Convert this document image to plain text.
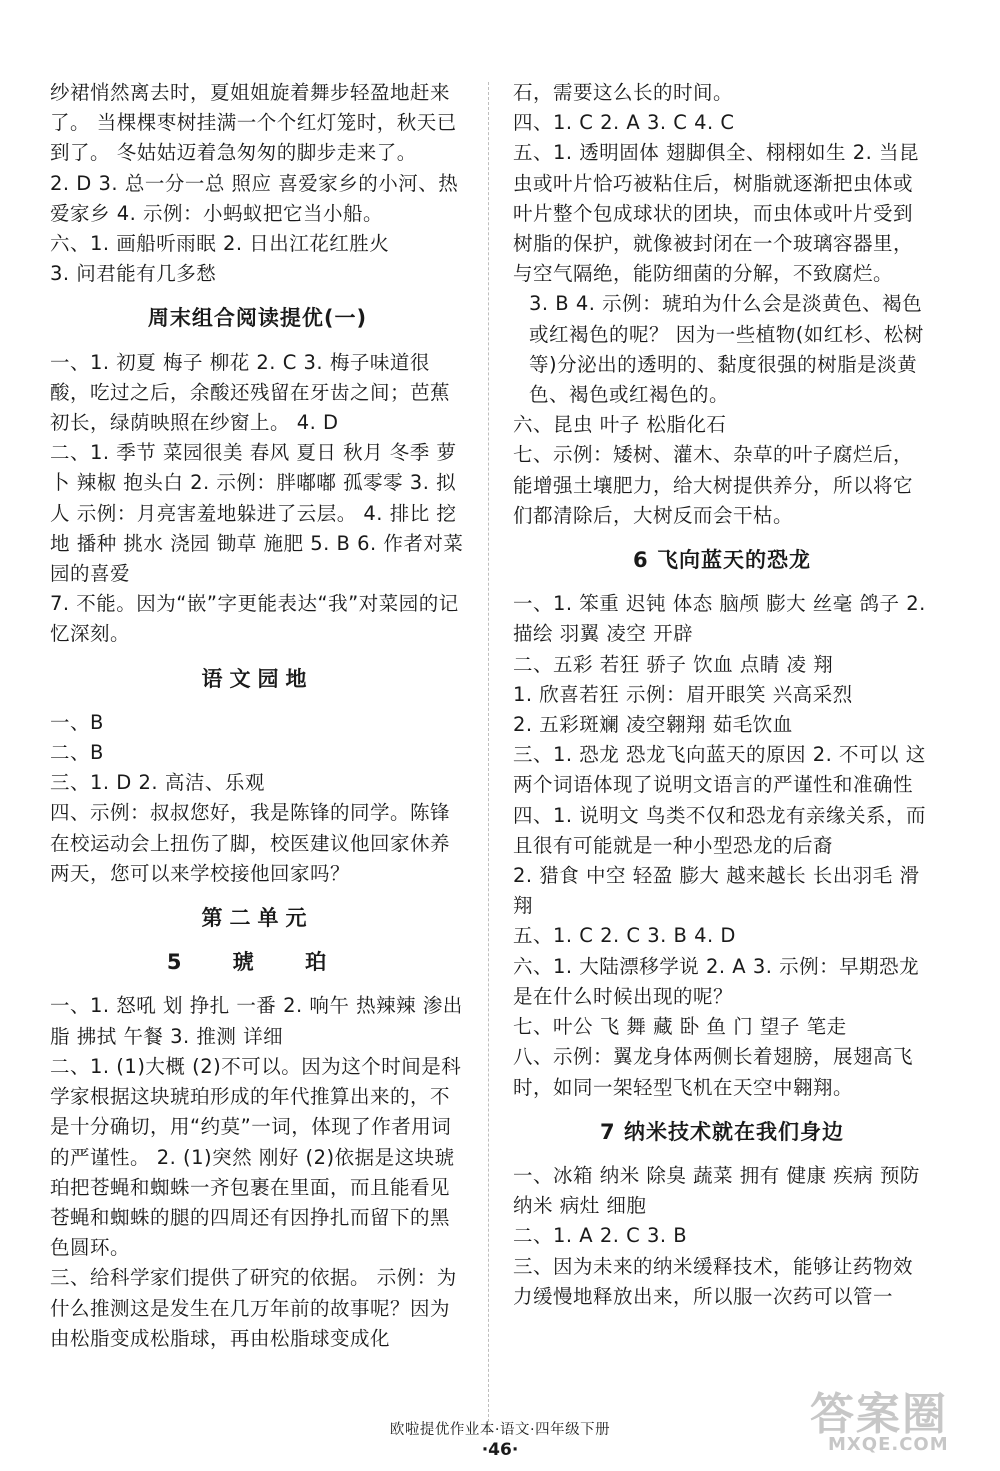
纱裙悄然离去时，夏姐姐旋着舞步轻盈地赶来了。 当棵棵枣树挂满一个个红灯笼时，秋天已到了。 冬姑姑迈着急匆匆的脚步走来了。
2. D 3. 总一分一总 照应 喜爱家乡的小河、热爱家乡 4. 示例：小蚂蚁把它当小船。
六、1. 画船听雨眠 2. 日出江花红胜火
3. 问君能有几多愁
周末组合阅读提优(一)
一、1. 初夏 梅子 柳花 2. C 3. 梅子味道很酸，吃过之后，余酸还残留在牙齿之间；芭蕉初长，绿荫映照在纱窗上。 4. D
二、1. 季节 菜园很美 春风 夏日 秋月 冬季 萝卜 辣椒 抱头白 2. 示例：胖嘟嘟 孤零零 3. 拟人 示例：月亮害羞地躲进了云层。 4. 排比 挖地 播种 挑水 浇园 锄草 施肥 5. B 6. 作者对菜园的喜爱
7. 不能。因为“嵌”字更能表达“我”对菜园的记忆深刻。
语文园地
一、B
二、B
三、1. D 2. 高洁、乐观
四、示例：叔叔您好，我是陈锋的同学。陈锋在校运动会上扭伤了脚，校医建议他回家休养两天，您可以来学校接他回家吗？
第二单元
5 琥 珀
一、1. 怒吼 划 挣扎 一番 2. 响午 热辣辣 渗出 脂 拂拭 午餐 3. 推测 详细
二、1. (1)大概 (2)不可以。因为这个时间是科学家根据这块琥珀形成的年代推算出来的，不是十分确切，用“约莫”一词，体现了作者用词的严谨性。 2. (1)突然 刚好 (2)依据是这块琥珀把苍蝇和蜘蛛一齐包裹在里面，而且能看见苍蝇和蜘蛛的腿的四周还有因挣扎而留下的黑色圆环。
三、给科学家们提供了研究的依据。 示例：为什么推测这是发生在几万年前的故事呢？因为由松脂变成松脂球，再由松脂球变成化
石，需要这么长的时间。
四、1. C 2. A 3. C 4. C
五、1. 透明固体 翅脚俱全、栩栩如生 2. 当昆虫或叶片恰巧被粘住后，树脂就逐渐把虫体或叶片整个包成球状的团块，而虫体或叶片受到树脂的保护，就像被封闭在一个玻璃容器里，与空气隔绝，能防细菌的分解，不致腐烂。
3. B 4. 示例：琥珀为什么会是淡黄色、褐色或红褐色的呢？ 因为一些植物(如红杉、松树等)分泌出的透明的、黏度很强的树脂是淡黄色、褐色或红褐色的。
六、昆虫 叶子 松脂化石
七、示例：矮树、灌木、杂草的叶子腐烂后，能增强土壤肥力，给大树提供养分，所以将它们都清除后，大树反而会干枯。
6 飞向蓝天的恐龙
一、1. 笨重 迟钝 体态 脑颅 膨大 丝毫 鸽子 2. 描绘 羽翼 凌空 开辟
二、五彩 若狂 骄子 饮血 点睛 凌 翔
1. 欣喜若狂 示例：眉开眼笑 兴高采烈
2. 五彩斑斓 凌空翱翔 茹毛饮血
三、1. 恐龙 恐龙飞向蓝天的原因 2. 不可以 这两个词语体现了说明文语言的严谨性和准确性
四、1. 说明文 鸟类不仅和恐龙有亲缘关系，而且很有可能就是一种小型恐龙的后裔
2. 猎食 中空 轻盈 膨大 越来越长 长出羽毛 滑翔
五、1. C 2. C 3. B 4. D
六、1. 大陆漂移学说 2. A 3. 示例：早期恐龙是在什么时候出现的呢？
七、叶公 飞 舞 藏 卧 鱼 门 望子 笔走
八、示例：翼龙身体两侧长着翅膀，展翅高飞时，如同一架轻型飞机在天空中翱翔。
7 纳米技术就在我们身边
一、冰箱 纳米 除臭 蔬菜 拥有 健康 疾病 预防 纳米 病灶 细胞
二、1. A 2. C 3. B
三、因为未来的纳米缓释技术，能够让药物效力缓慢地释放出来，所以服一次药可以管一
欧啦提优作业本·语文·四年级下册
·46·
答案圈
MXQE.COM
